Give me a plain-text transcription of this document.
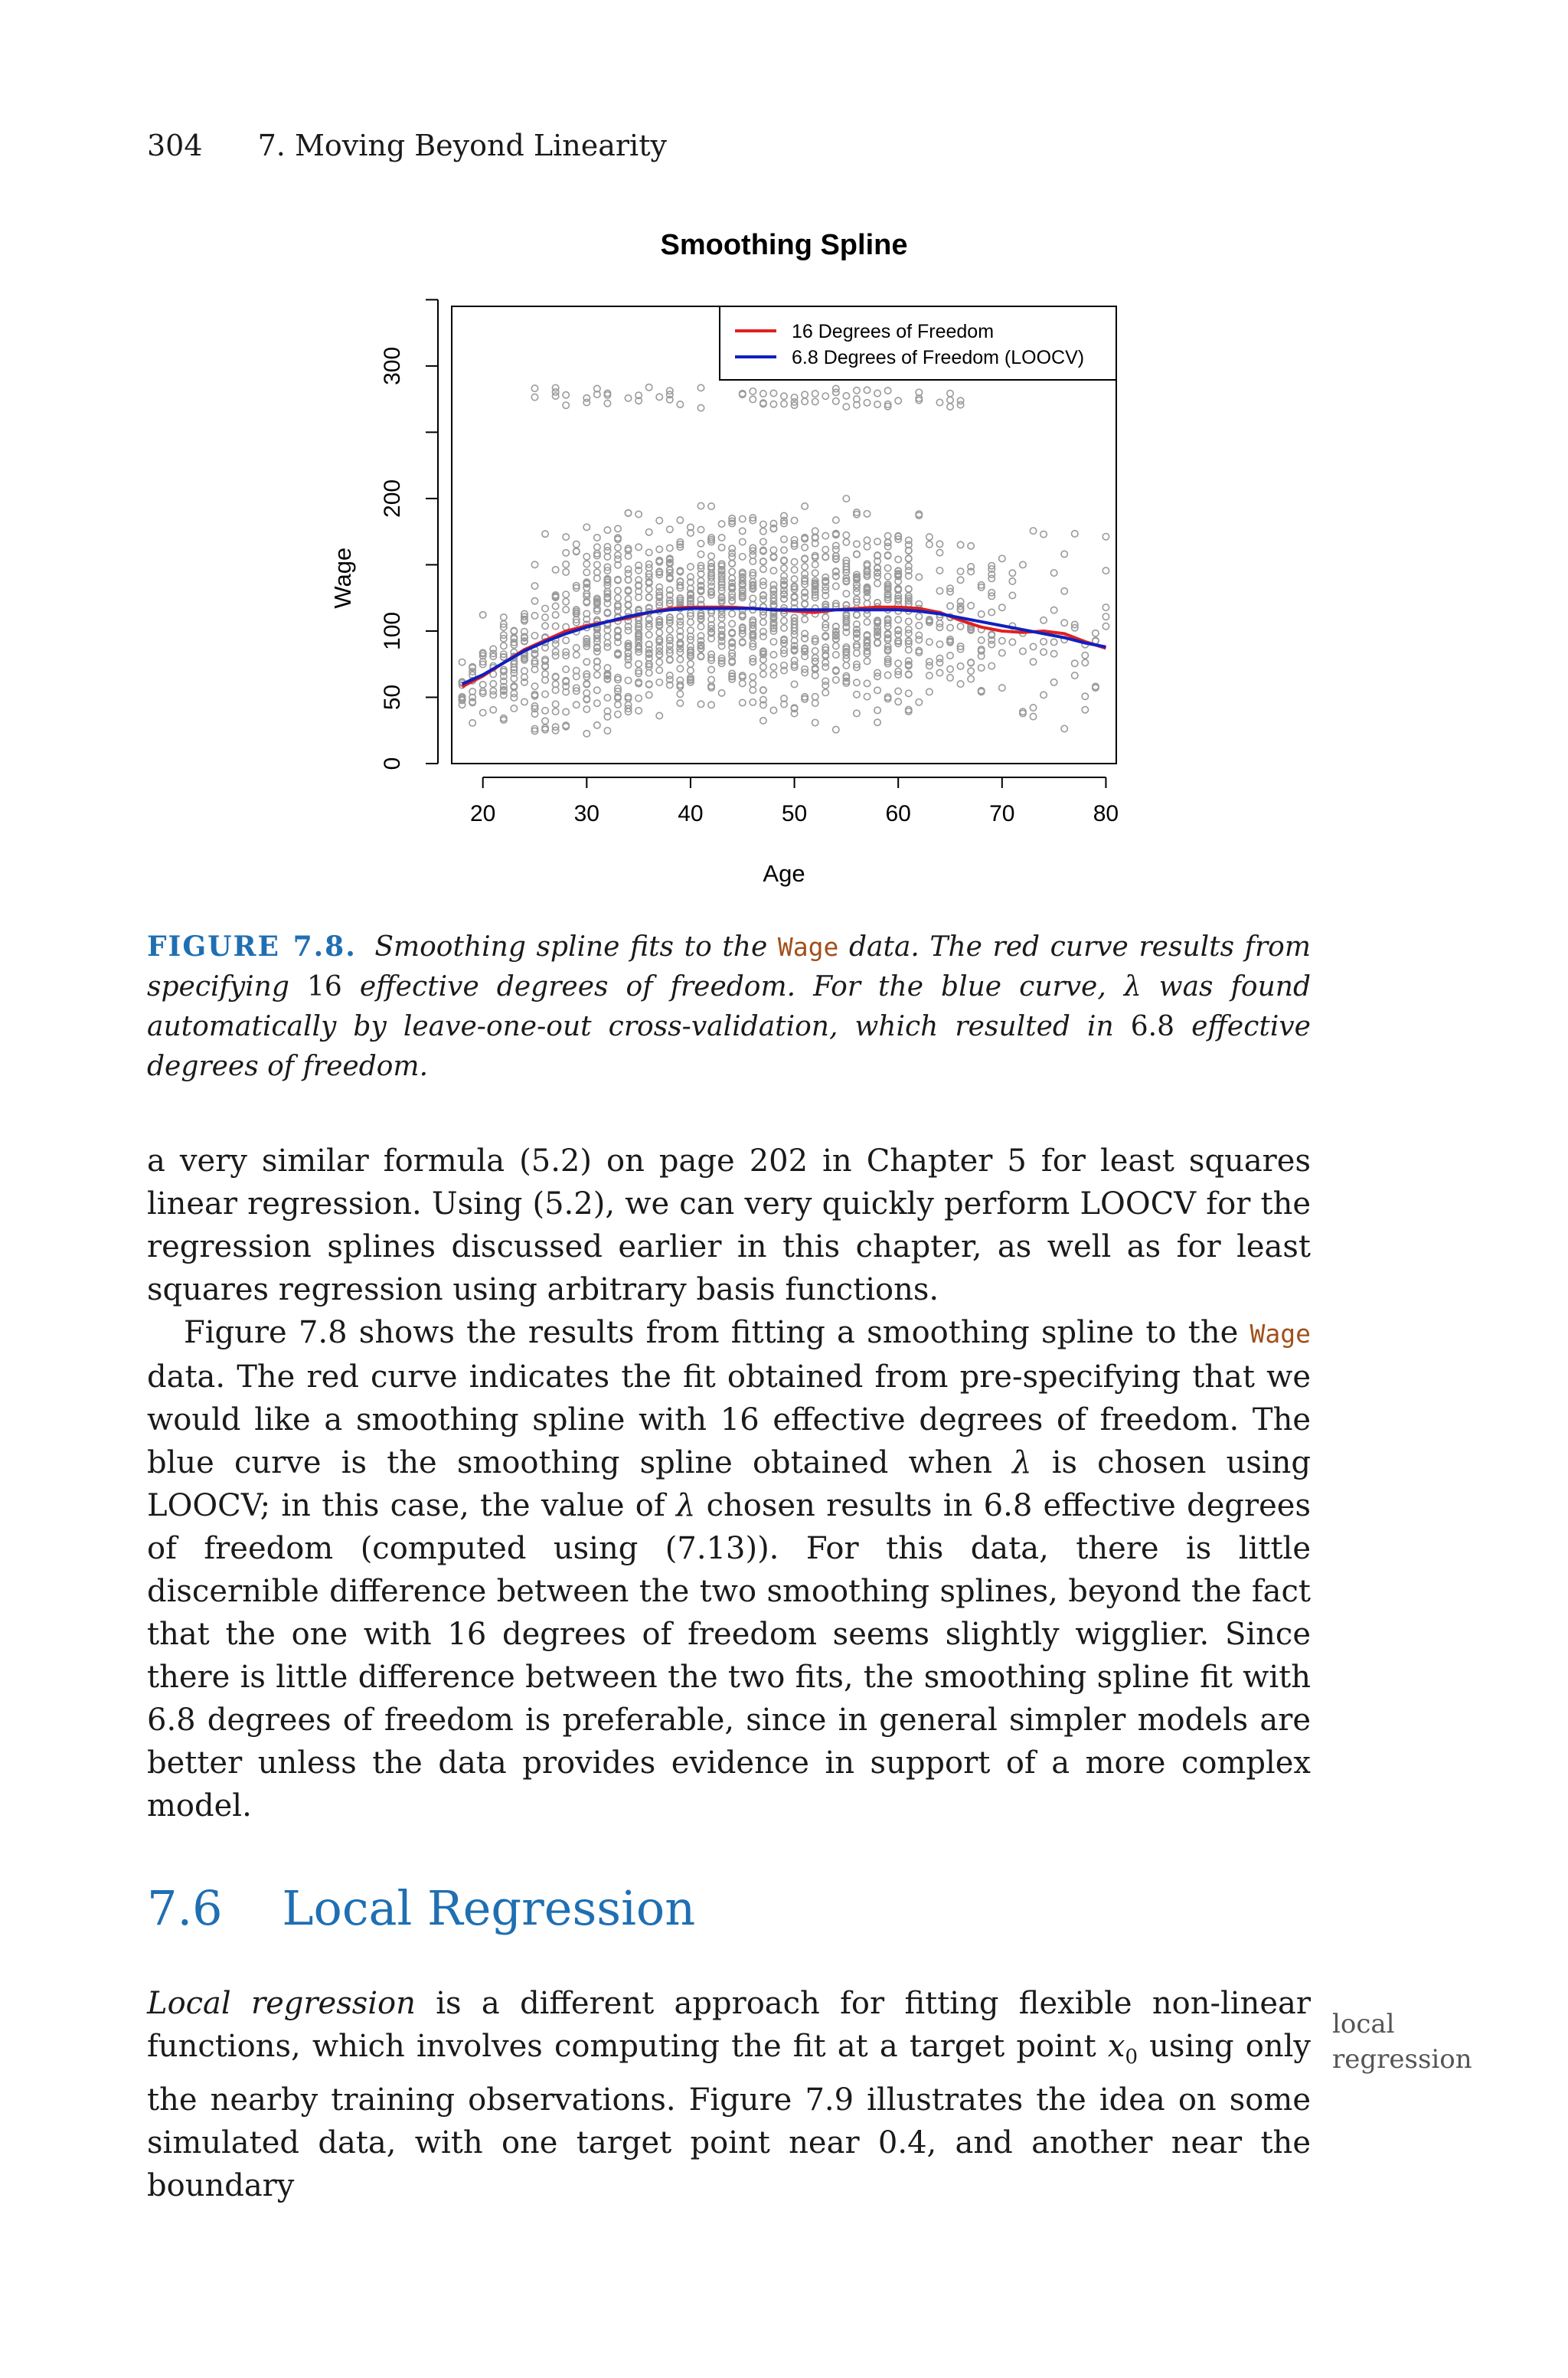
304 7. Moving Beyond Linearity
Smoothing Spline
20	30	40	50	60	70	80
Age
0
50
100
200
300
Wage
16 Degrees of Freedom
6.8 Degrees of Freedom (LOOCV)
FIGURE 7.8. Smoothing spline fits to the Wage data. The red curve results from specifying 16 effective degrees of freedom. For the blue curve, λ was found automatically by leave-one-out cross-validation, which resulted in 6.8 effective degrees of freedom.

a very similar formula (5.2) on page 202 in Chapter 5 for least squares linear regression. Using (5.2), we can very quickly perform LOOCV for the regression splines discussed earlier in this chapter, as well as for least squares regression using arbitrary basis functions.

Figure 7.8 shows the results from fitting a smoothing spline to the Wage data. The red curve indicates the fit obtained from pre-specifying that we would like a smoothing spline with 16 effective degrees of freedom. The blue curve is the smoothing spline obtained when λ is chosen using LOOCV; in this case, the value of λ chosen results in 6.8 effective degrees of freedom (computed using (7.13)). For this data, there is little discernible difference between the two smoothing splines, beyond the fact that the one with 16 degrees of freedom seems slightly wigglier. Since there is little difference between the two fits, the smoothing spline fit with 6.8 degrees of freedom is preferable, since in general simpler models are better unless the data provides evidence in support of a more complex model.

7.6 Local Regression

Local regression is a different approach for fitting flexible non-linear functions, which involves computing the fit at a target point $x_0$ using only the nearby training observations. Figure 7.9 illustrates the idea on some simulated data, with one target point near 0.4, and another near the boundary

local
regression
